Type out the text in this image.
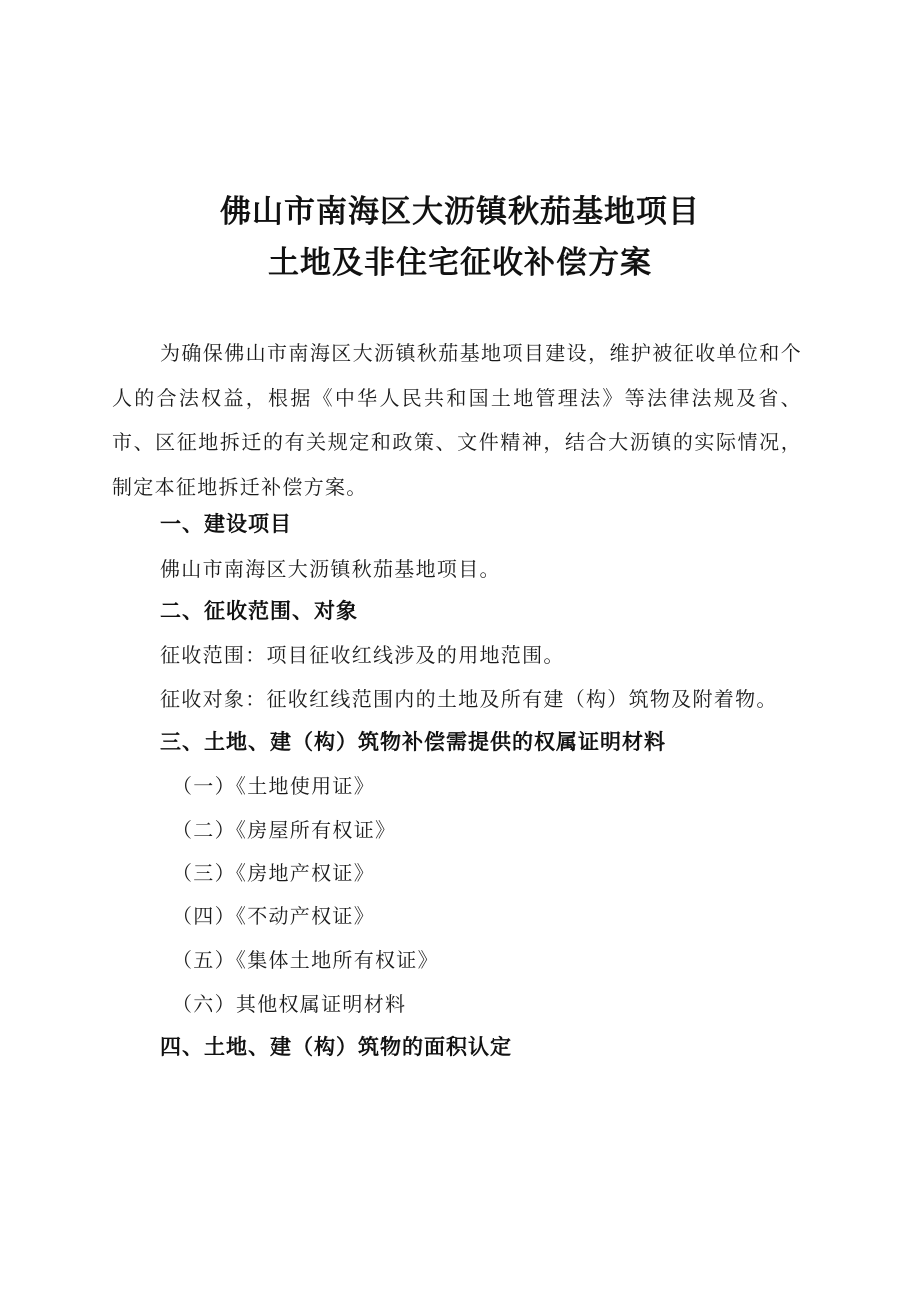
佛山市南海区大沥镇秋茄基地项目
土地及非住宅征收补偿方案
为确保佛山市南海区大沥镇秋茄基地项目建设，维护被征收单位和个人的合法权益，根据《中华人民共和国土地管理法》等法律法规及省、市、区征地拆迁的有关规定和政策、文件精神，结合大沥镇的实际情况，制定本征地拆迁补偿方案。
一、建设项目
佛山市南海区大沥镇秋茄基地项目。
二、征收范围、对象
征收范围：项目征收红线涉及的用地范围。
征收对象：征收红线范围内的土地及所有建（构）筑物及附着物。
三、土地、建（构）筑物补偿需提供的权属证明材料
（一）《土地使用证》
（二）《房屋所有权证》
（三）《房地产权证》
（四）《不动产权证》
（五）《集体土地所有权证》
（六）其他权属证明材料
四、土地、建（构）筑物的面积认定
